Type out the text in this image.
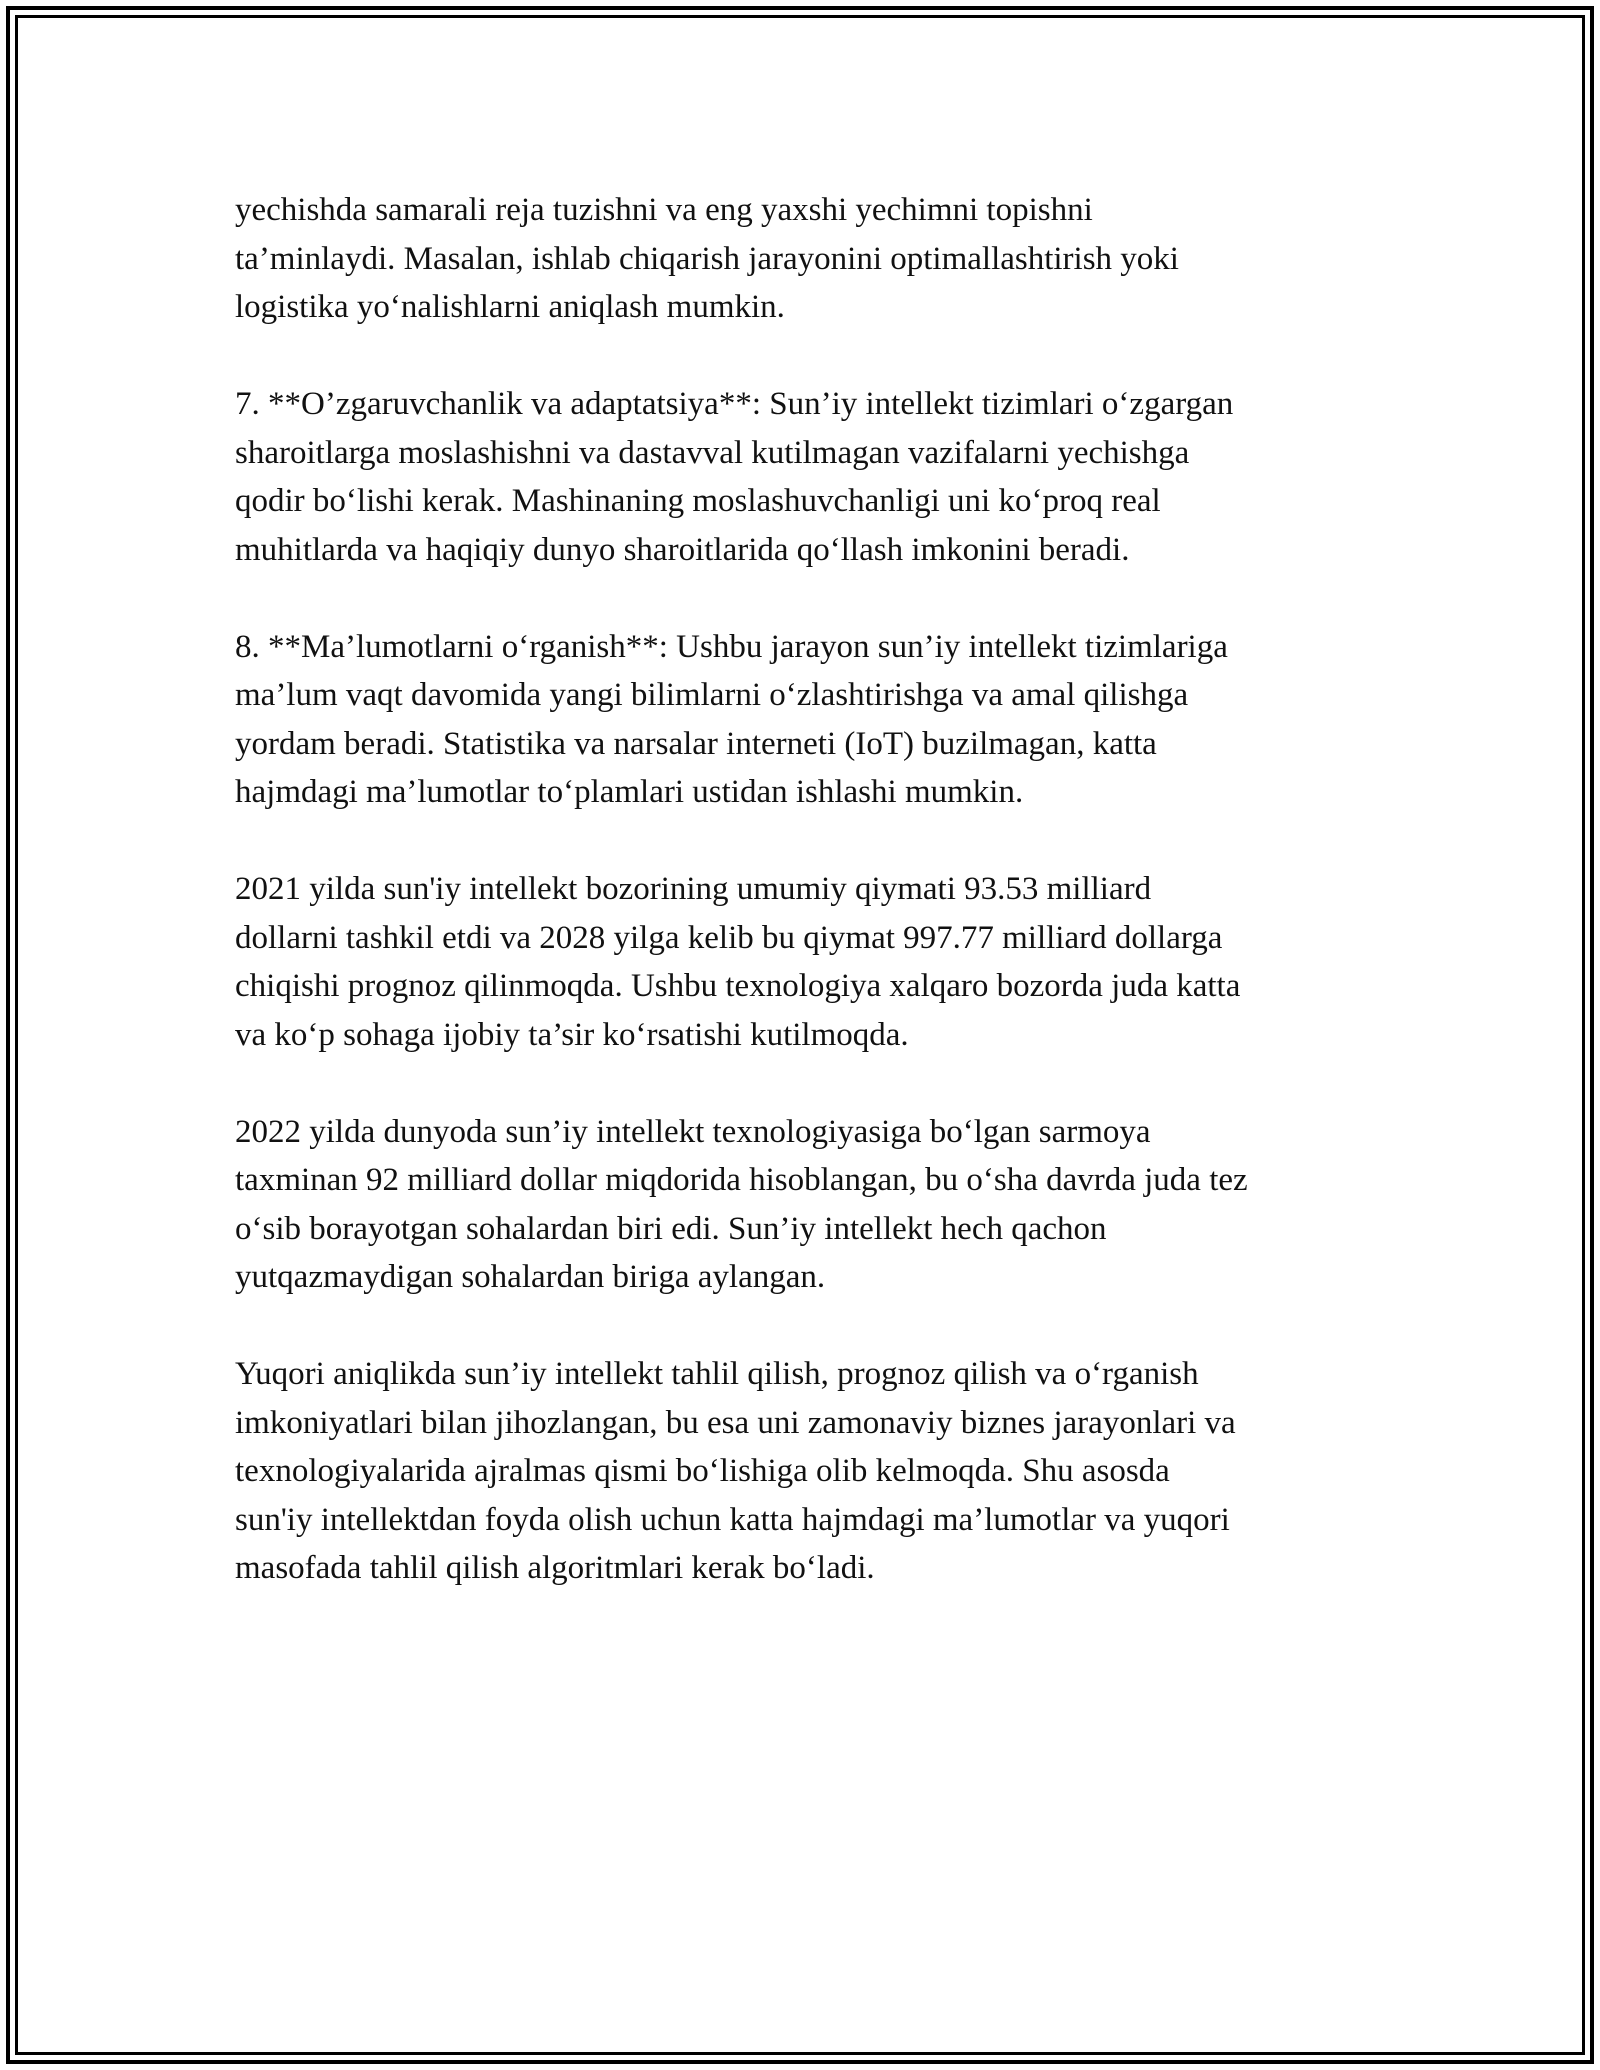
yechishda samarali reja tuzishni va eng yaxshi yechimni topishni
ta’minlaydi. Masalan, ishlab chiqarish jarayonini optimallashtirish yoki
logistika yo‘nalishlarni aniqlash mumkin.

7. **O’zgaruvchanlik va adaptatsiya**: Sun’iy intellekt tizimlari o‘zgargan
sharoitlarga moslashishni va dastavval kutilmagan vazifalarni yechishga
qodir bo‘lishi kerak. Mashinaning moslashuvchanligi uni ko‘proq real
muhitlarda va haqiqiy dunyo sharoitlarida qo‘llash imkonini beradi.

8. **Ma’lumotlarni o‘rganish**: Ushbu jarayon sun’iy intellekt tizimlariga
ma’lum vaqt davomida yangi bilimlarni o‘zlashtirishga va amal qilishga
yordam beradi. Statistika va narsalar interneti (IoT) buzilmagan, katta
hajmdagi ma’lumotlar to‘plamlari ustidan ishlashi mumkin.

2021 yilda sun'iy intellekt bozorining umumiy qiymati 93.53 milliard
dollarni tashkil etdi va 2028 yilga kelib bu qiymat 997.77 milliard dollarga
chiqishi prognoz qilinmoqda. Ushbu texnologiya xalqaro bozorda juda katta
va ko‘p sohaga ijobiy ta’sir ko‘rsatishi kutilmoqda.

2022 yilda dunyoda sun’iy intellekt texnologiyasiga bo‘lgan sarmoya
taxminan 92 milliard dollar miqdorida hisoblangan, bu o‘sha davrda juda tez
o‘sib borayotgan sohalardan biri edi. Sun’iy intellekt hech qachon
yutqazmaydigan sohalardan biriga aylangan.

Yuqori aniqlikda sun’iy intellekt tahlil qilish, prognoz qilish va o‘rganish
imkoniyatlari bilan jihozlangan, bu esa uni zamonaviy biznes jarayonlari va
texnologiyalarida ajralmas qismi bo‘lishiga olib kelmoqda. Shu asosda
sun'iy intellektdan foyda olish uchun katta hajmdagi ma’lumotlar va yuqori
masofada tahlil qilish algoritmlari kerak bo‘ladi.
